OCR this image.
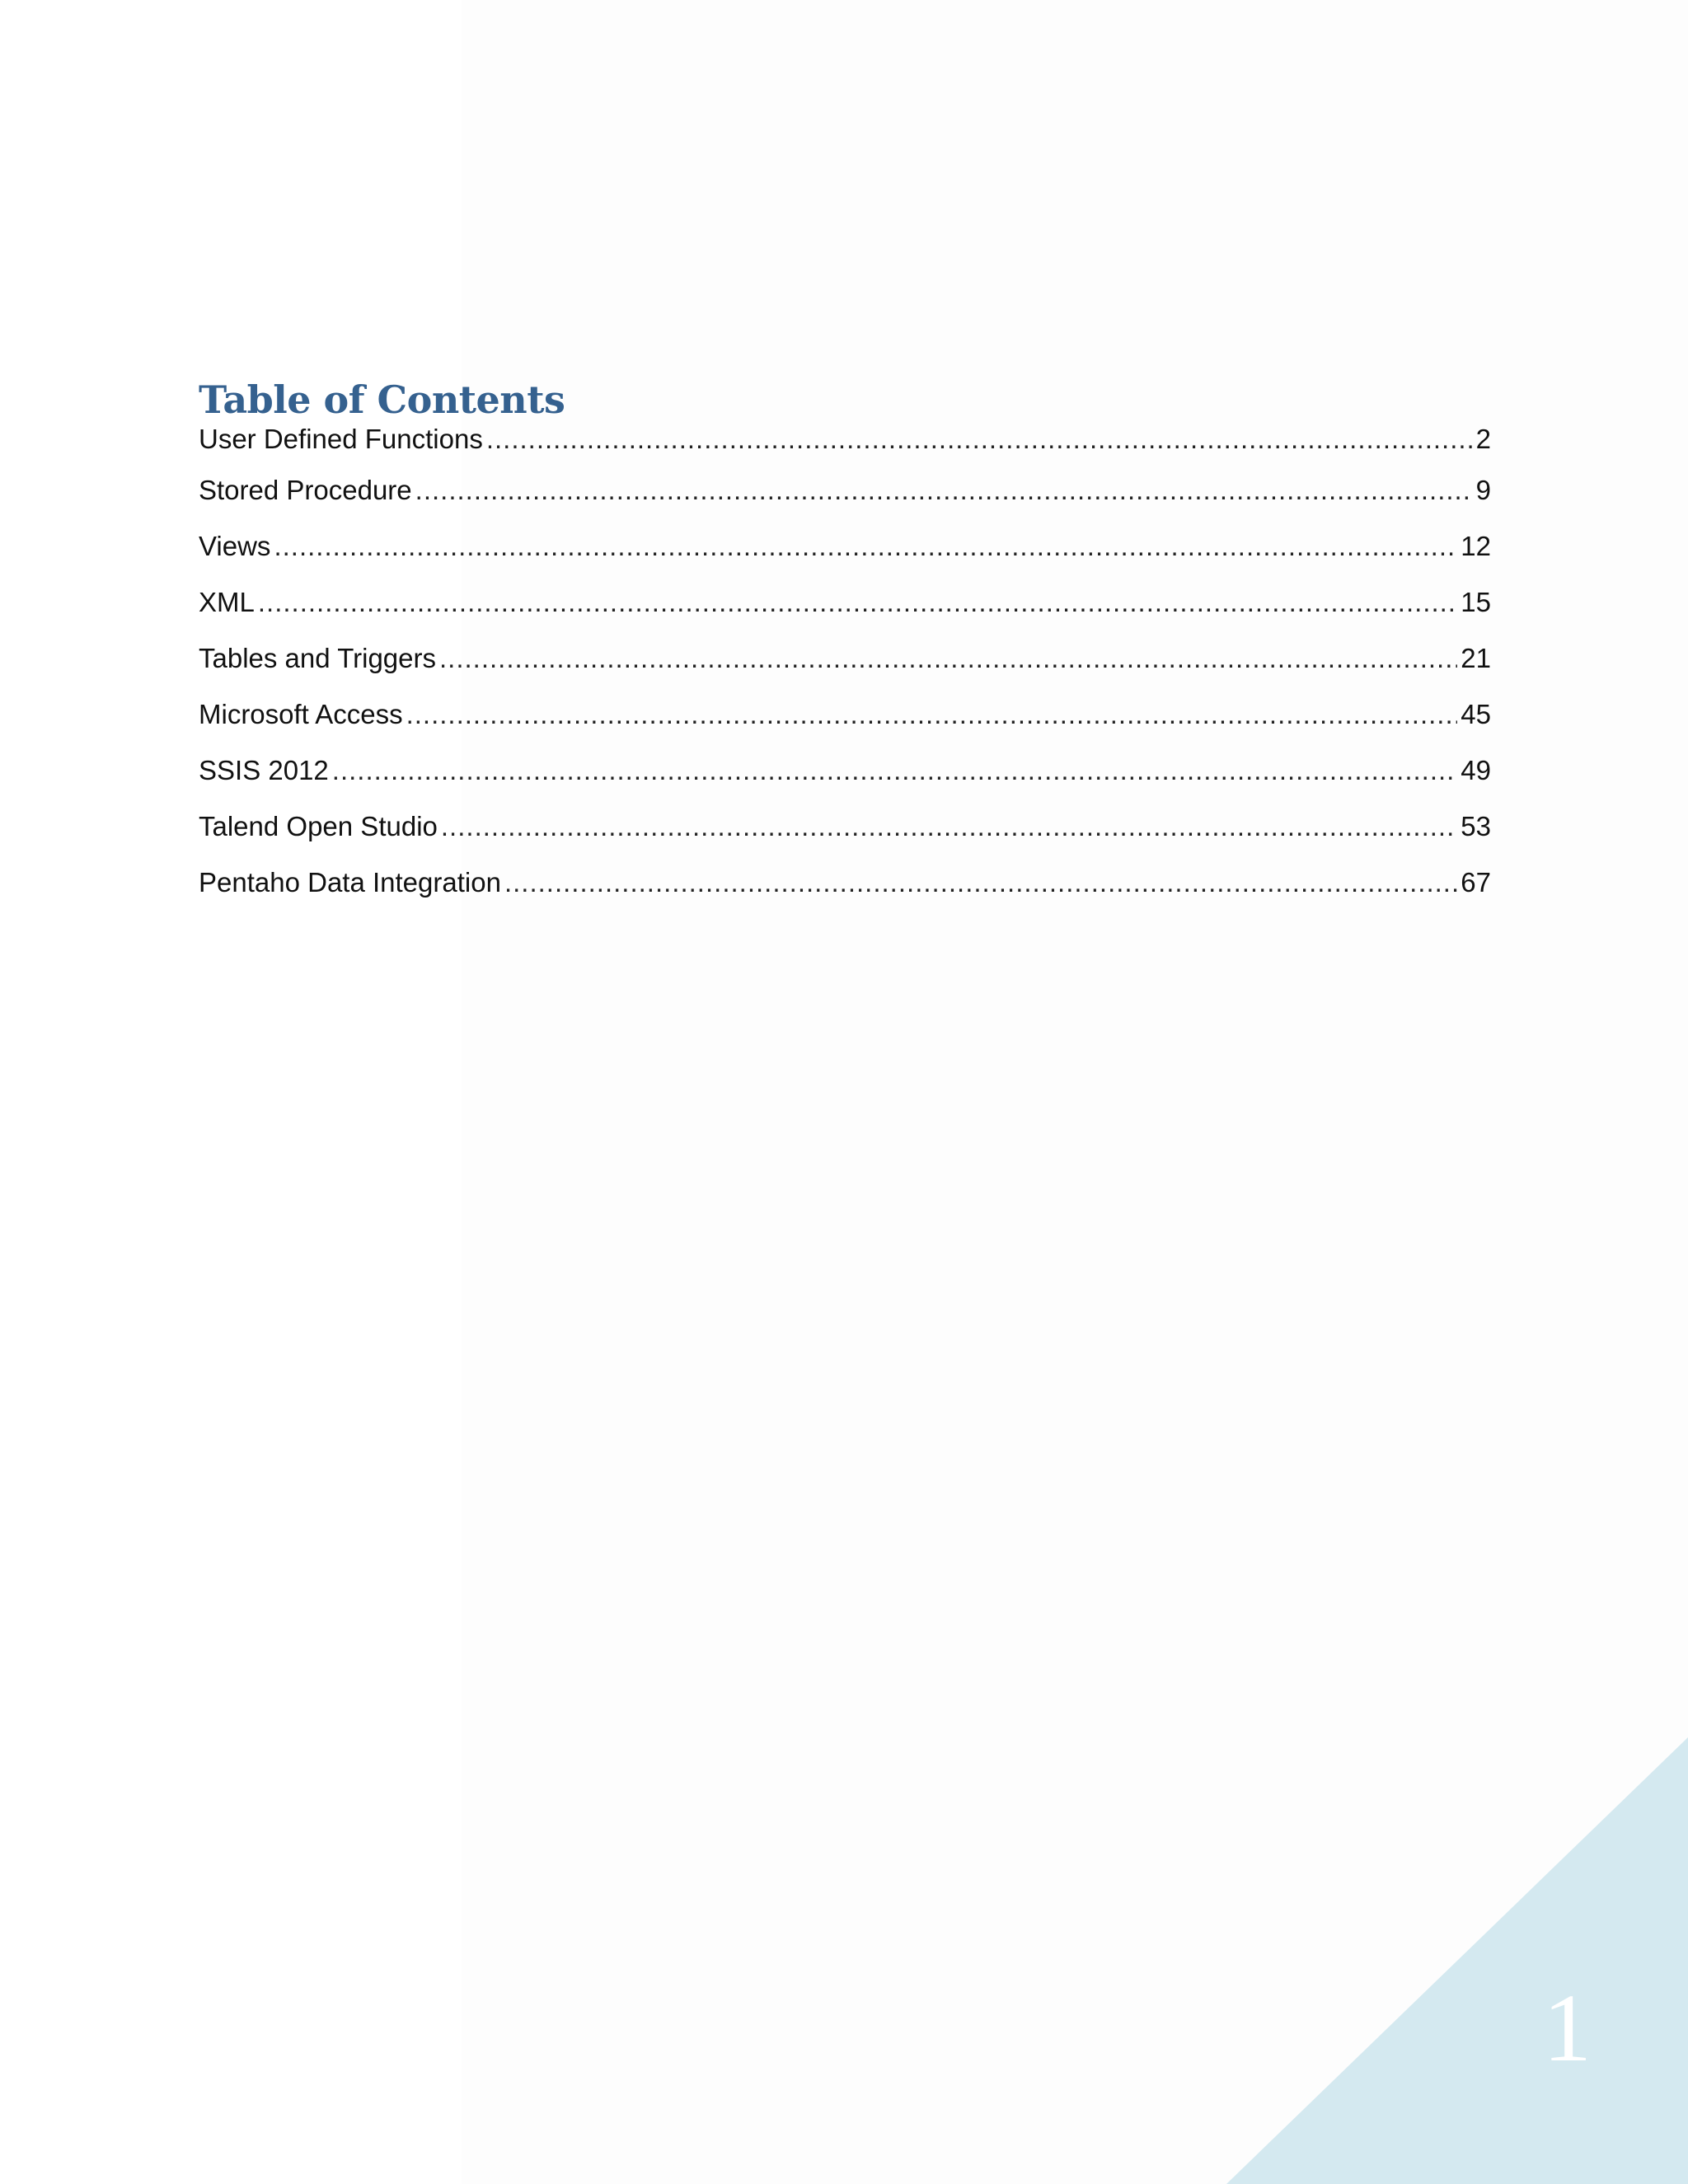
Table of Contents
User Defined Functions .....	2
Stored Procedure .....	9
Views .....	12
XML .....	15
Tables and Triggers .....	21
Microsoft Access .....	45
SSIS 2012 .....	49
Talend Open Studio .....	53
Pentaho Data Integration .....	67
1
